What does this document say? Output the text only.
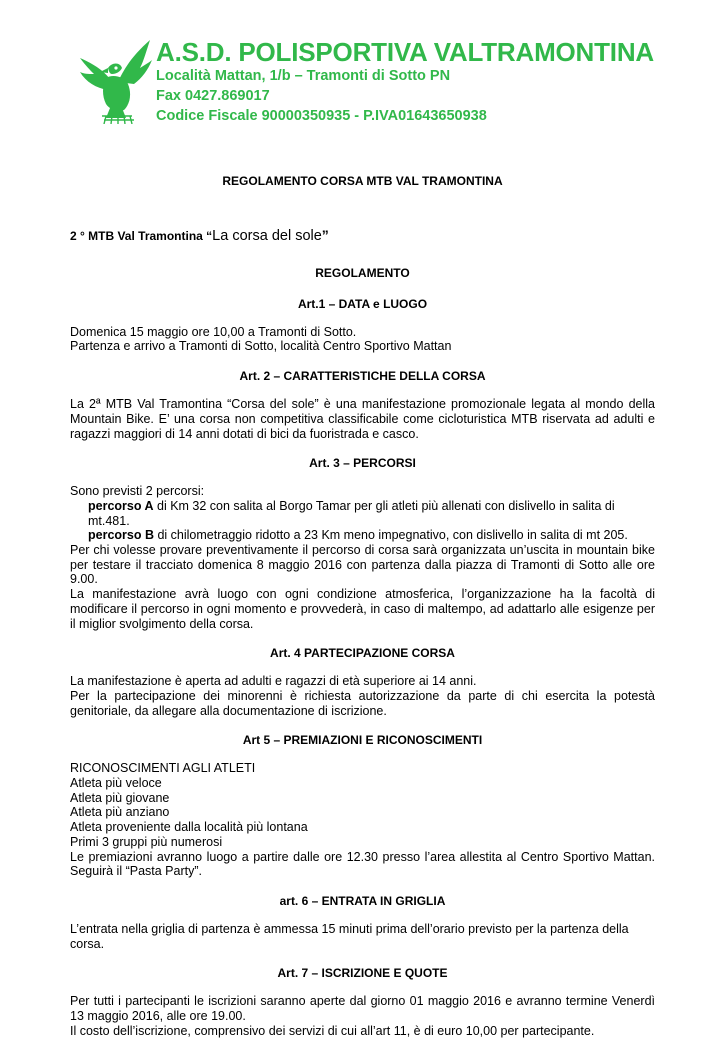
A.S.D. POLISPORTIVA VALTRAMONTINA

Località Mattan, 1/b – Tramonti di Sotto PN

Fax 0427.869017

Codice Fiscale 90000350935 - P.IVA01643650938

REGOLAMENTO CORSA MTB VAL TRAMONTINA

2 ° MTB Val Tramontina “La corsa del sole”

REGOLAMENTO
Art.1 – DATA e LUOGO

Domenica 15 maggio ore 10,00 a Tramonti di Sotto.

Partenza e arrivo a Tramonti di Sotto, località Centro Sportivo Mattan

Art. 2 – CARATTERISTICHE DELLA CORSA

La 2ª MTB Val Tramontina “Corsa del sole” è una manifestazione promozionale legata al mondo della Mountain Bike. E’ una corsa non competitiva classificabile come cicloturistica MTB riservata ad adulti e ragazzi maggiori di 14 anni dotati di bici da fuoristrada e casco.

Art. 3 – PERCORSI

Sono previsti 2 percorsi:

percorso A di Km 32 con salita al Borgo Tamar per gli atleti più allenati con dislivello in salita di mt.481.

percorso B di chilometraggio ridotto a 23 Km meno impegnativo, con dislivello in salita di mt 205.

Per chi volesse provare preventivamente il percorso di corsa sarà organizzata un’uscita in mountain bike per testare il tracciato domenica 8 maggio 2016 con partenza dalla piazza di Tramonti di Sotto alle ore 9.00.

La manifestazione avrà luogo con ogni condizione atmosferica, l’organizzazione ha la facoltà di modificare il percorso in ogni momento e provvederà, in caso di maltempo, ad adattarlo alle esigenze per il miglior svolgimento della corsa.

Art. 4 PARTECIPAZIONE CORSA

La manifestazione è aperta ad adulti e ragazzi di età superiore ai 14 anni.

Per la partecipazione dei minorenni è richiesta autorizzazione da parte di chi esercita la potestà genitoriale, da allegare alla documentazione di iscrizione.

Art 5 – PREMIAZIONI E RICONOSCIMENTI

RICONOSCIMENTI AGLI ATLETI

Atleta più veloce

Atleta più giovane

Atleta più anziano

Atleta proveniente dalla località più lontana

Primi 3 gruppi più numerosi

Le premiazioni avranno luogo a partire dalle ore 12.30 presso l’area allestita al Centro Sportivo Mattan. Seguirà il “Pasta Party”.

art. 6 – ENTRATA IN GRIGLIA

L’entrata nella griglia di partenza è ammessa 15 minuti prima dell’orario previsto per la partenza della corsa.

Art. 7 – ISCRIZIONE E QUOTE

Per tutti i partecipanti le iscrizioni saranno aperte dal giorno 01 maggio 2016 e avranno termine Venerdì 13 maggio 2016, alle ore 19.00.

Il costo dell’iscrizione, comprensivo dei servizi di cui all’art 11, è di euro 10,00 per partecipante.
